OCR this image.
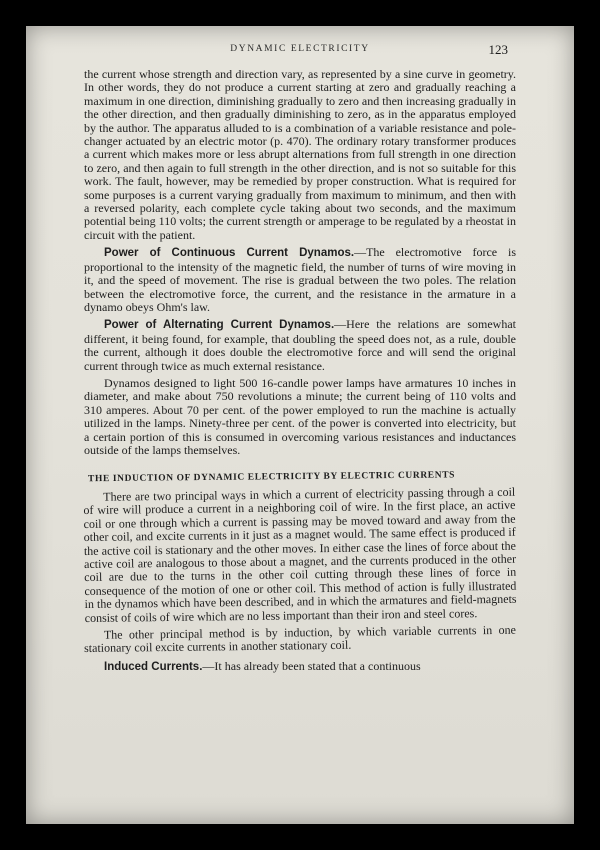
DYNAMIC ELECTRICITY	123

the current whose strength and direction vary, as represented by a sine curve in geometry. In other words, they do not produce a current starting at zero and gradually reaching a maximum in one direction, diminishing gradually to zero and then increasing gradually in the other direction, and then gradually diminishing to zero, as in the apparatus employed by the author. The apparatus alluded to is a combination of a variable resistance and pole-changer actuated by an electric motor (p. 470). The ordinary rotary transformer produces a current which makes more or less abrupt alternations from full strength in one direction to zero, and then again to full strength in the other direction, and is not so suitable for this work. The fault, however, may be remedied by proper construction. What is required for some purposes is a current varying gradually from maximum to minimum, and then with a reversed polarity, each complete cycle taking about two seconds, and the maximum potential being 110 volts; the current strength or amperage to be regulated by a rheostat in circuit with the patient.

Power of Continuous Current Dynamos.—The electromotive force is proportional to the intensity of the magnetic field, the number of turns of wire moving in it, and the speed of movement. The rise is gradual between the two poles. The relation between the electromotive force, the current, and the resistance in the armature in a dynamo obeys Ohm's law.

Power of Alternating Current Dynamos.—Here the relations are somewhat different, it being found, for example, that doubling the speed does not, as a rule, double the current, although it does double the electromotive force and will send the original current through twice as much external resistance.

Dynamos designed to light 500 16-candle power lamps have armatures 10 inches in diameter, and make about 750 revolutions a minute; the current being of 110 volts and 310 amperes. About 70 per cent. of the power employed to run the machine is actually utilized in the lamps. Ninety-three per cent. of the power is converted into electricity, but a certain portion of this is consumed in overcoming various resistances and inductances outside of the lamps themselves.

THE INDUCTION OF DYNAMIC ELECTRICITY BY ELECTRIC CURRENTS

There are two principal ways in which a current of electricity passing through a coil of wire will produce a current in a neighboring coil of wire. In the first place, an active coil or one through which a current is passing may be moved toward and away from the other coil, and excite currents in it just as a magnet would. The same effect is produced if the active coil is stationary and the other moves. In either case the lines of force about the active coil are analogous to those about a magnet, and the currents produced in the other coil are due to the turns in the other coil cutting through these lines of force in consequence of the motion of one or other coil. This method of action is fully illustrated in the dynamos which have been described, and in which the armatures and field-magnets consist of coils of wire which are no less important than their iron and steel cores.

The other principal method is by induction, by which variable currents in one stationary coil excite currents in another stationary coil.

Induced Currents.—It has already been stated that a continuous
